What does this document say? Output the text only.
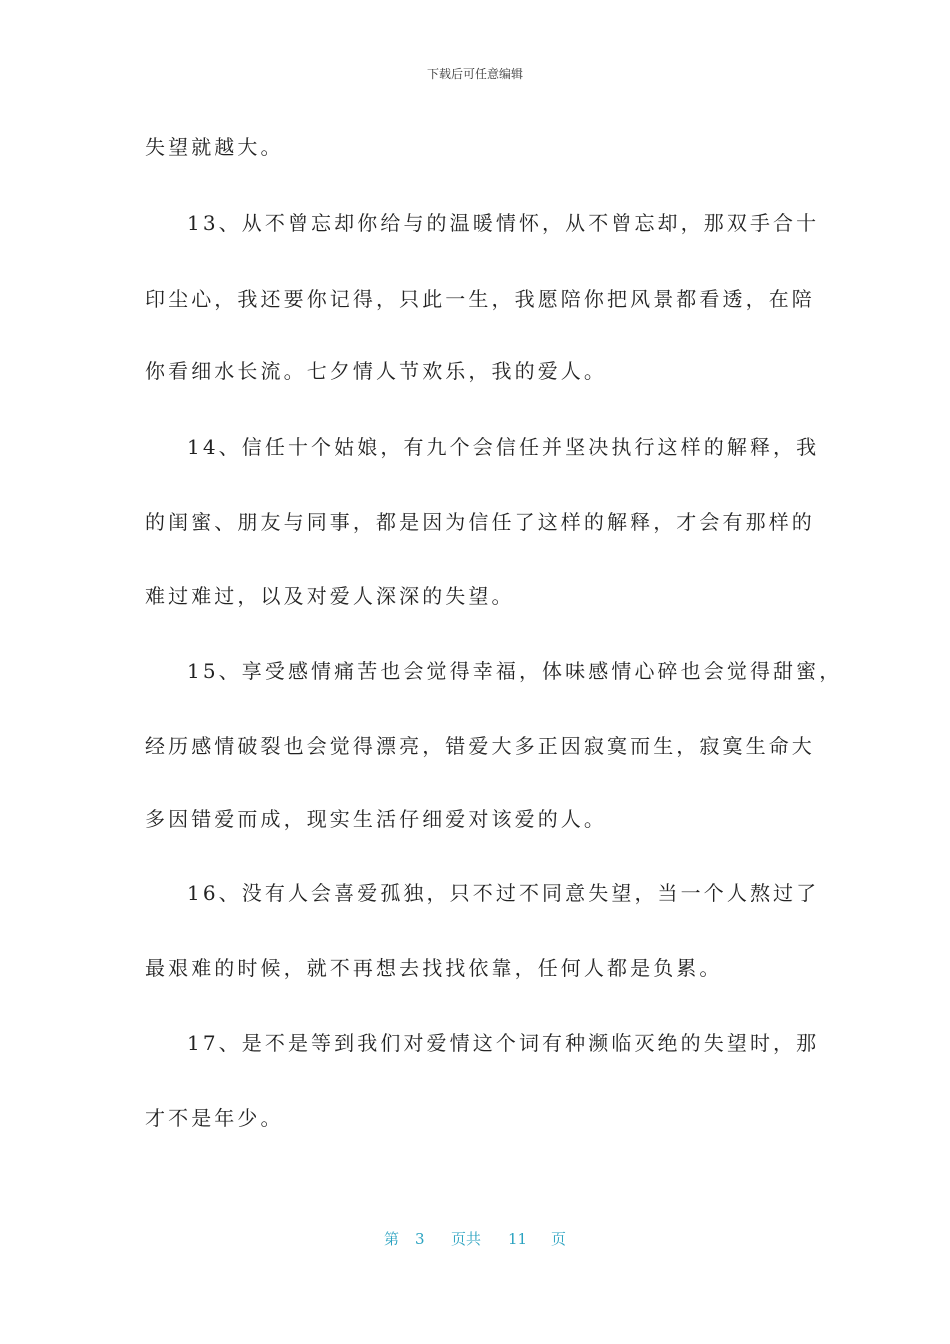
下载后可任意编辑
失望就越大。
13、从不曾忘却你给与的温暖情怀，从不曾忘却，那双手合十
印尘心，我还要你记得，只此一生，我愿陪你把风景都看透，在陪
你看细水长流。七夕情人节欢乐，我的爱人。
14、信任十个姑娘，有九个会信任并坚决执行这样的解释，我
的闺蜜、朋友与同事，都是因为信任了这样的解释，才会有那样的
难过难过，以及对爱人深深的失望。
15、享受感情痛苦也会觉得幸福，体味感情心碎也会觉得甜蜜，
经历感情破裂也会觉得漂亮，错爱大多正因寂寞而生，寂寞生命大
多因错爱而成，现实生活仔细爱对该爱的人。
16、没有人会喜爱孤独，只不过不同意失望，当一个人熬过了
最艰难的时候，就不再想去找找依靠，任何人都是负累。
17、是不是等到我们对爱情这个词有种濒临灭绝的失望时，那
才不是年少。
第 3 页共 11 页
